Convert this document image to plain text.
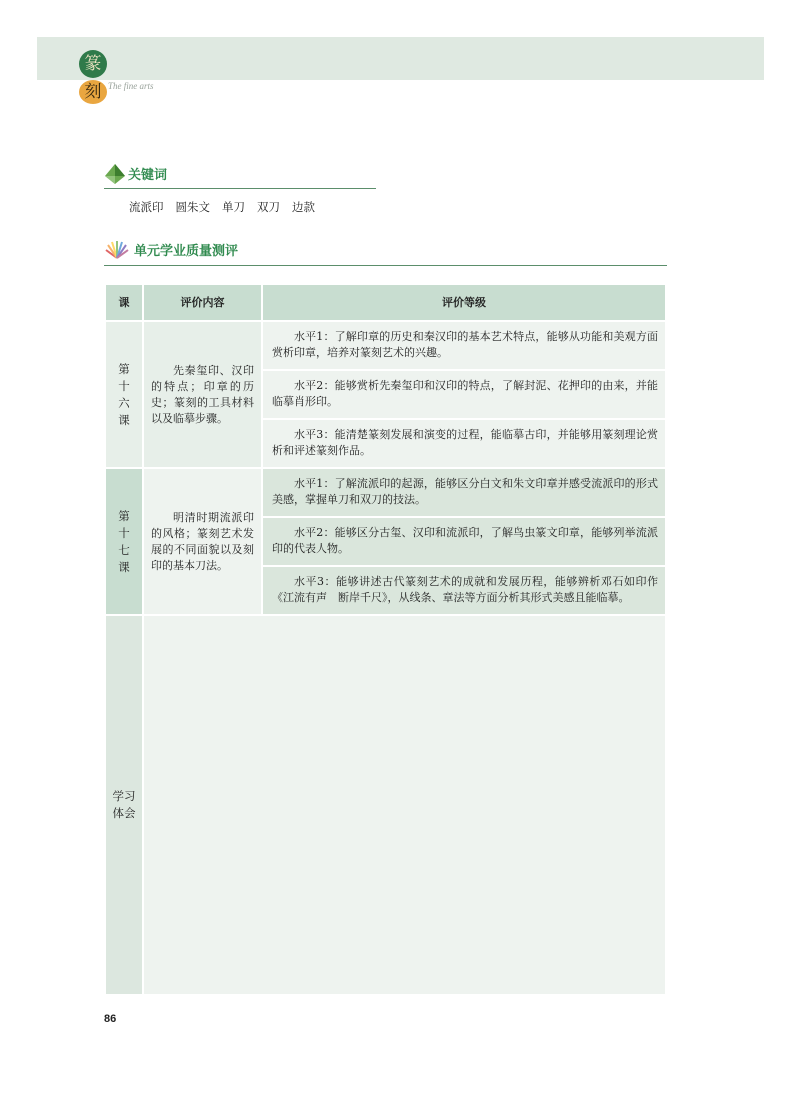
篆
刻 The fine arts
关键词
流派印 圆朱文 单刀 双刀 边款
单元学业质量测评
课	评价内容	评价等级
第十六课	先秦玺印、汉印的特点；印章的历史；篆刻的工具材料以及临摹步骤。	水平1：了解印章的历史和秦汉印的基本艺术特点，能够从功能和美观方面赏析印章，培养对篆刻艺术的兴趣。

		水平2：能够赏析先秦玺印和汉印的特点，了解封泥、花押印的由来，并能临摹肖形印。

		水平3：能清楚篆刻发展和演变的过程，能临摹古印，并能够用篆刻理论赏析和评述篆刻作品。

第十七课	明清时期流派印的风格；篆刻艺术发展的不同面貌以及刻印的基本刀法。	水平1：了解流派印的起源，能够区分白文和朱文印章并感受流派印的形式美感，掌握单刀和双刀的技法。

		水平2：能够区分古玺、汉印和流派印，了解鸟虫篆文印章，能够列举流派印的代表人物。

		水平3：能够讲述古代篆刻艺术的成就和发展历程，能够辨析邓石如印作《江流有声　断岸千尺》，从线条、章法等方面分析其形式美感且能临摹。

学习体会		
86
